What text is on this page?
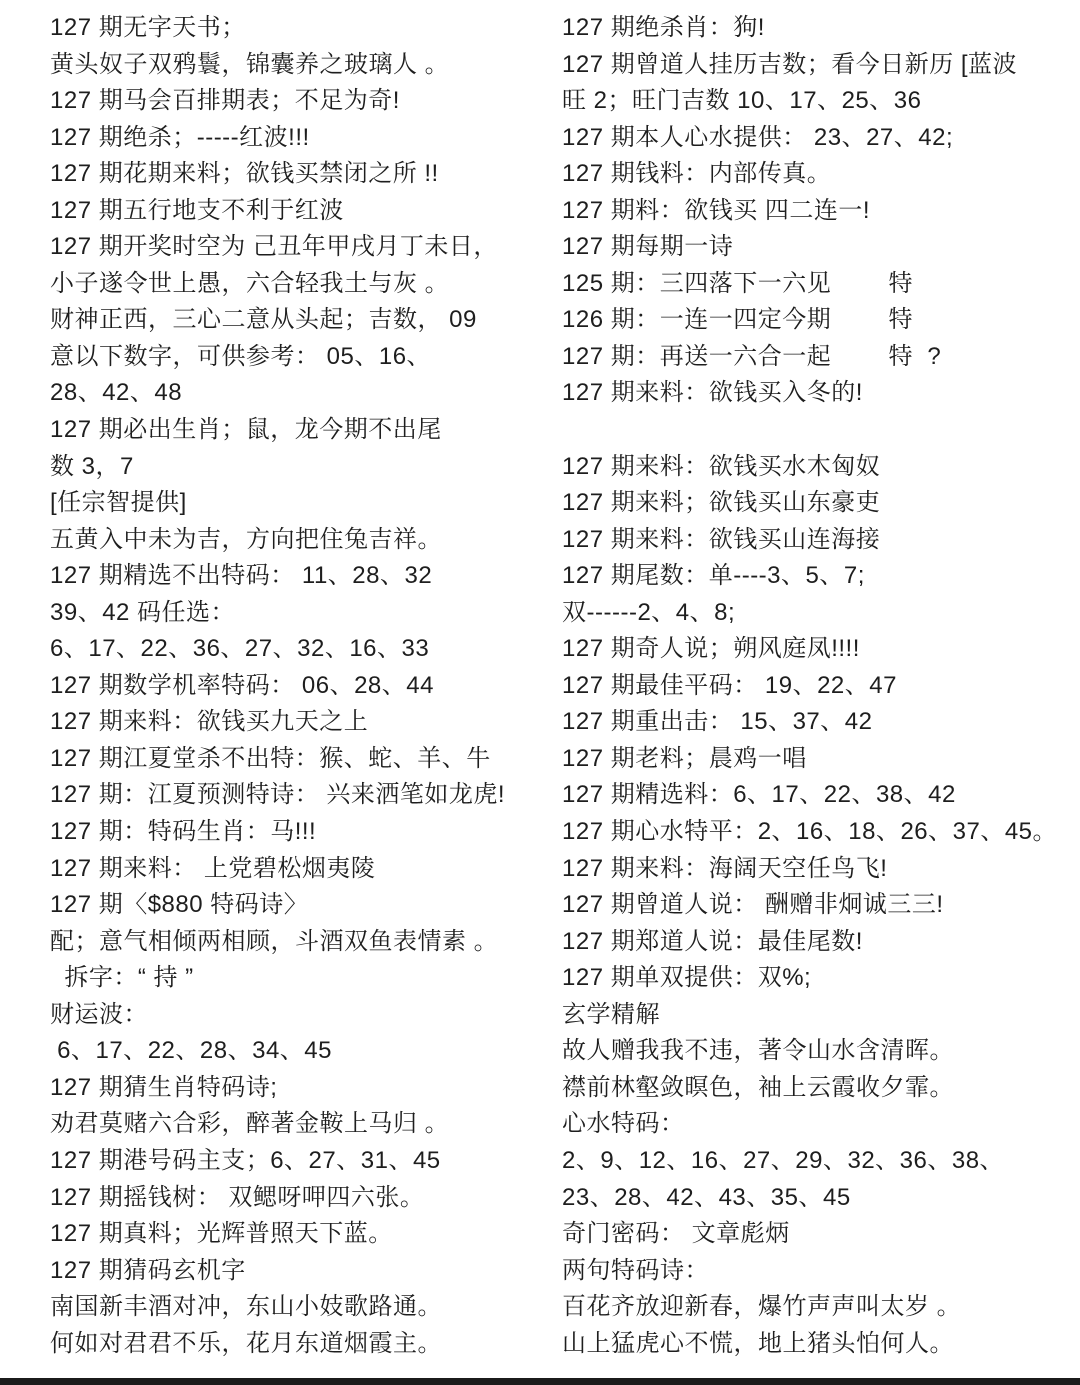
127 期无字天书；
黄头奴子双鸦鬟，锦囊养之玻璃人 。
127 期马会百排期表；不足为奇!
127 期绝杀；-----红波!!!
127 期花期来料；欲钱买禁闭之所 !!
127 期五行地支不利于红波
127 期开奖时空为 己丑年甲戌月丁未日，
小子遂令世上愚，六合轻我土与灰 。
财神正西，三心二意从头起；吉数， 09
意以下数字，可供参考： 05、16、
28、42、48
127 期必出生肖；鼠，龙今期不出尾
数 3，7
[任宗智提供]
五黄入中未为吉，方向把住兔吉祥。
127 期精选不出特码： 11、28、32
39、42 码任选：
6、17、22、36、27、32、16、33
127 期数学机率特码： 06、28、44
127 期来料：欲钱买九天之上
127 期江夏堂杀不出特：猴、蛇、羊、牛
127 期：江夏预测特诗： 兴来洒笔如龙虎!
127 期：特码生肖：马!!!
127 期来料： 上党碧松烟夷陵
127 期〈$880 特码诗〉
配；意气相倾两相顾，斗酒双鱼表情素 。
拆字：“ 持 ”
财运波：
6、17、22、28、34、45
127 期猜生肖特码诗;
劝君莫赌六合彩，醉著金鞍上马归 。
127 期港号码主支；6、27、31、45
127 期摇钱树： 双鳃呀呷四六张。
127 期真料；光辉普照天下蓝。
127 期猜码玄机字
南国新丰酒对冲，东山小妓歌路通。
何如对君君不乐，花月东道烟霞主。
127 期绝杀肖：狗!
127 期曾道人挂历吉数；看今日新历 [蓝波
旺 2；旺门吉数 10、17、25、36
127 期本人心水提供： 23、27、42;
127 期钱料：内部传真。
127 期料：欲钱买 四二连一!
127 期每期一诗
125 期：三四落下一六见        特
126 期：一连一四定今期        特
127 期：再送一六合一起        特  ?
127 期来料：欲钱买入冬的!
127 期来料：欲钱买水木匈奴
127 期来料；欲钱买山东豪吏
127 期来料：欲钱买山连海接
127 期尾数：单----3、5、7;
双------2、4、8;
127 期奇人说；朔风庭凤!!!!
127 期最佳平码： 19、22、47
127 期重出击： 15、37、42
127 期老料；晨鸡一唱
127 期精选料：6、17、22、38、42
127 期心水特平：2、16、18、26、37、45。
127 期来料：海阔天空任鸟飞!
127 期曾道人说： 酬赠非炯诚三三!
127 期郑道人说：最佳尾数!
127 期单双提供：双%;
玄学精解
故人赠我我不违，著令山水含清晖。
襟前林壑敛暝色，袖上云霞收夕霏。
心水特码：
2、9、12、16、27、29、32、36、38、
23、28、42、43、35、45
奇门密码： 文章彪炳
两句特码诗：
百花齐放迎新春，爆竹声声叫太岁 。
山上猛虎心不慌，地上猪头怕何人。
